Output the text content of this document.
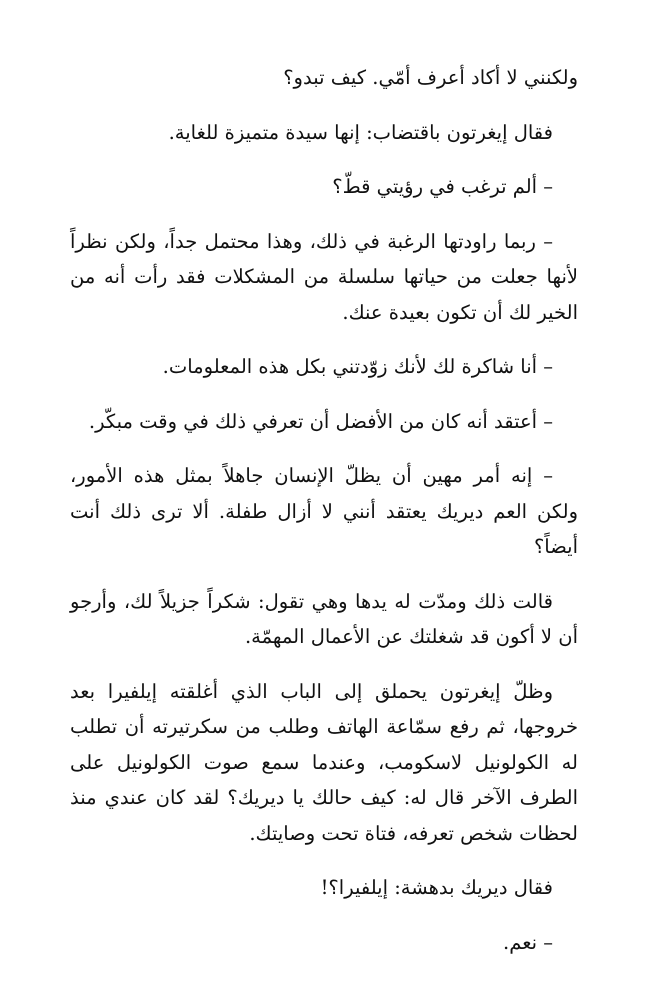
ولكنني لا أكاد أعرف أمّي. كيف تبدو؟

فقال إيغرتون باقتضاب: إنها سيدة متميزة للغاية.

– ألم ترغب في رؤيتي قطّ؟

– ربما راودتها الرغبة في ذلك، وهذا محتمل جداً، ولكن نظراً لأنها جعلت من حياتها سلسلة من المشكلات فقد رأت أنه من الخير لك أن تكون بعيدة عنك.

– أنا شاكرة لك لأنك زوّدتني بكل هذه المعلومات.

– أعتقد أنه كان من الأفضل أن تعرفي ذلك في وقت مبكّر.

– إنه أمر مهين أن يظلّ الإنسان جاهلاً بمثل هذه الأمور، ولكن العم ديريك يعتقد أنني لا أزال طفلة. ألا ترى ذلك أنت أيضاً؟

قالت ذلك ومدّت له يدها وهي تقول: شكراً جزيلاً لك، وأرجو أن لا أكون قد شغلتك عن الأعمال المهمّة.

وظلّ إيغرتون يحملق إلى الباب الذي أغلقته إيلفيرا بعد خروجها، ثم رفع سمّاعة الهاتف وطلب من سكرتيرته أن تطلب له الكولونيل لاسكومب، وعندما سمع صوت الكولونيل على الطرف الآخر قال له: كيف حالك يا ديريك؟ لقد كان عندي منذ لحظات شخص تعرفه، فتاة تحت وصايتك.

فقال ديريك بدهشة: إيلفيرا؟!

– نعم.
